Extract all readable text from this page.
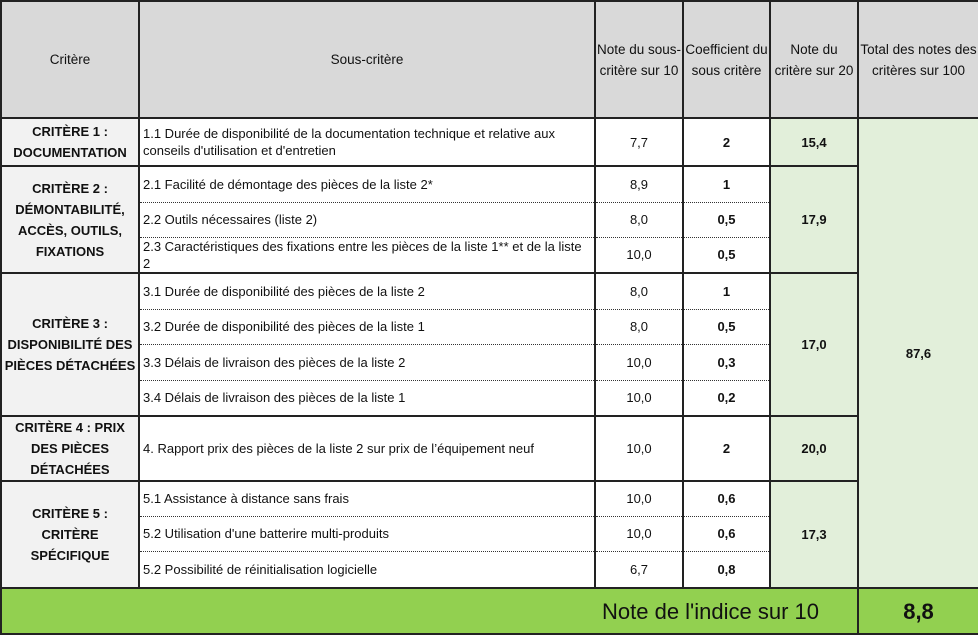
Critère	Sous-critère	Note du sous-critère sur 10	Coefficient du sous critère	Note du critère sur 20	Total des notes des critères sur 100
CRITÈRE 1 : DOCUMENTATION	1.1 Durée de disponibilité de la documentation technique et relative aux conseils d'utilisation et d'entretien	7,7	2	15,4	87,6
CRITÈRE 2 : DÉMONTABILITÉ, ACCÈS, OUTILS, FIXATIONS	2.1 Facilité de démontage des pièces de la liste 2*	8,9	1	17,9	
	2.2 Outils nécessaires (liste 2)	8,0	0,5		
	2.3 Caractéristiques des fixations entre les pièces de la liste 1** et de la liste 2	10,0	0,5		
CRITÈRE 3 : DISPONIBILITÉ DES PIÈCES DÉTACHÉES	3.1 Durée de disponibilité des pièces de la liste 2	8,0	1	17,0	
	3.2 Durée de disponibilité des pièces de la liste 1	8,0	0,5		
	3.3 Délais de livraison des pièces de la liste 2	10,0	0,3		
	3.4 Délais de livraison des pièces de la liste 1	10,0	0,2		
CRITÈRE 4 : PRIX DES PIÈCES DÉTACHÉES	4. Rapport prix des pièces de la liste 2 sur prix de l’équipement neuf	10,0	2	20,0	
CRITÈRE 5 : CRITÈRE SPÉCIFIQUE	5.1 Assistance à distance sans frais	10,0	0,6	17,3	
	5.2 Utilisation d'une batterire multi-produits	10,0	0,6		
	5.2 Possibilité de réinitialisation logicielle	6,7	0,8		
Note de l'indice sur 10					8,8
